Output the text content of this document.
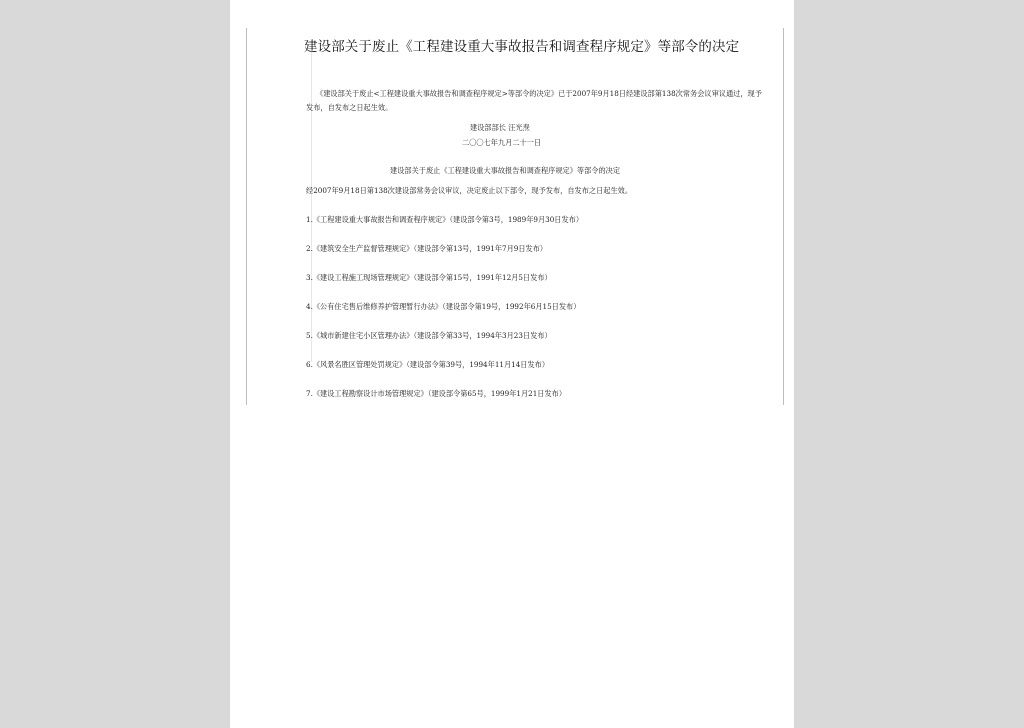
建设部关于废止《工程建设重大事故报告和调查程序规定》等部令的决定
《建设部关于废止<工程建设重大事故报告和调查程序规定>等部令的决定》已于2007年9月18日经建设部第138次常务会议审议通过，现予发布，自发布之日起生效。
建设部部长 汪光焘
二〇〇七年九月二十一日
建设部关于废止《工程建设重大事故报告和调查程序规定》等部令的决定
经2007年9月18日第138次建设部常务会议审议，决定废止以下部令，现予发布，自发布之日起生效。
1.《工程建设重大事故报告和调查程序规定》（建设部令第3号，1989年9月30日发布）
2.《建筑安全生产监督管理规定》（建设部令第13号，1991年7月9日发布）
3.《建设工程施工现场管理规定》（建设部令第15号，1991年12月5日发布）
4.《公有住宅售后维修养护管理暂行办法》（建设部令第19号，1992年6月15日发布）
5.《城市新建住宅小区管理办法》（建设部令第33号，1994年3月23日发布）
6.《风景名胜区管理处罚规定》（建设部令第39号，1994年11月14日发布）
7.《建设工程勘察设计市场管理规定》（建设部令第65号，1999年1月21日发布）
